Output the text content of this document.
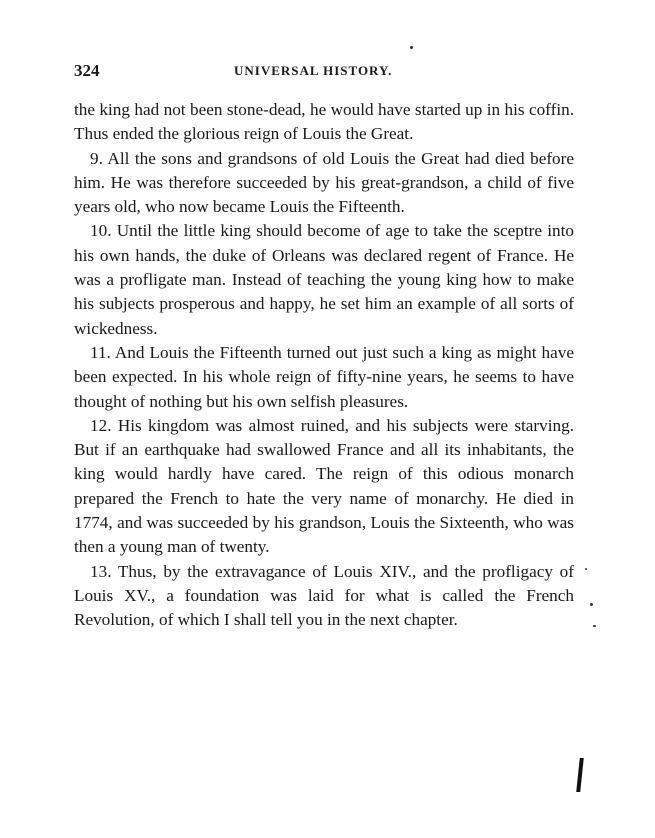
324	UNIVERSAL HISTORY.

the king had not been stone-dead, he would have started up in his coffin. Thus ended the glorious reign of Louis the Great.

9. All the sons and grandsons of old Louis the Great had died before him. He was therefore succeeded by his great-grandson, a child of five years old, who now became Louis the Fifteenth.

10. Until the little king should become of age to take the sceptre into his own hands, the duke of Orleans was declared regent of France. He was a profligate man. Instead of teaching the young king how to make his subjects prosperous and happy, he set him an example of all sorts of wickedness.

11. And Louis the Fifteenth turned out just such a king as might have been expected. In his whole reign of fifty-nine years, he seems to have thought of nothing but his own selfish pleasures.

12. His kingdom was almost ruined, and his subjects were starving. But if an earthquake had swallowed France and all its inhabitants, the king would hardly have cared. The reign of this odious monarch prepared the French to hate the very name of monarchy. He died in 1774, and was succeeded by his grandson, Louis the Sixteenth, who was then a young man of twenty.

13. Thus, by the extravagance of Louis XIV., and the profligacy of Louis XV., a foundation was laid for what is called the French Revolution, of which I shall tell you in the next chapter.
